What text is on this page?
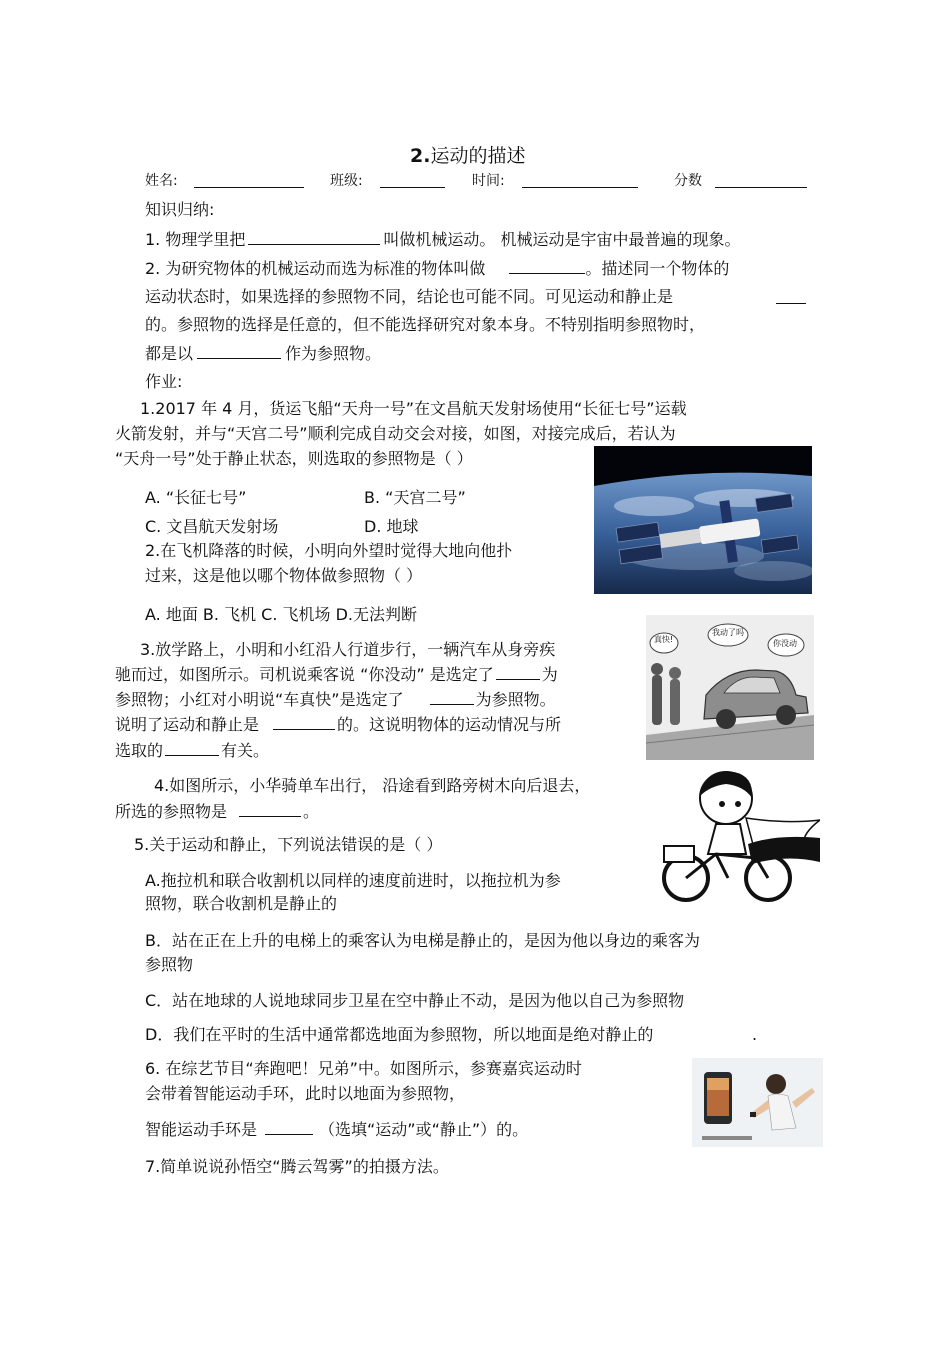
2.运动的描述
姓名:	班级:	时间:	分数
知识归纳:
1. 物理学里把	叫做机械运动。 机械运动是宇宙中最普遍的现象。
2. 为研究物体的机械运动而选为标准的物体叫做	。描述同一个物体的
运动状态时，如果选择的参照物不同，结论也可能不同。可见运动和静止是
的。参照物的选择是任意的，但不能选择研究对象本身。不特别指明参照物时，
都是以	作为参照物。
作业:
1.2017 年 4 月，货运飞船“天舟一号”在文昌航天发射场使用“长征七号”运载
火箭发射，并与“天宫二号”顺利完成自动交会对接，如图，对接完成后，若认为
“天舟一号”处于静止状态，则选取的参照物是（ ）
A. “长征七号”	B. “天宫二号”
C. 文昌航天发射场	D. 地球
2.在飞机降落的时候，小明向外望时觉得大地向他扑
过来，这是他以哪个物体做参照物（ ）
A. 地面 B. 飞机 C. 飞机场 D.无法判断
3.放学路上，小明和小红沿人行道步行，一辆汽车从身旁疾
驰而过，如图所示。司机说乘客说 “你没动” 是选定了	为
参照物；小红对小明说“车真快”是选定了	为参照物。
说明了运动和静止是	的。这说明物体的运动情况与所
选取的	有关。
真快!
我动了吗
你没动
4.如图所示，小华骑单车出行， 沿途看到路旁树木向后退去，
所选的参照物是	。
5.关于运动和静止，下列说法错误的是（ ）
A.拖拉机和联合收割机以同样的速度前进时，以拖拉机为参
照物，联合收割机是静止的
B．站在正在上升的电梯上的乘客认为电梯是静止的，是因为他以身边的乘客为
参照物
C．站在地球的人说地球同步卫星在空中静止不动，是因为他以自己为参照物
D．我们在平时的生活中通常都选地面为参照物，所以地面是绝对静止的	.
6. 在综艺节目“奔跑吧！兄弟”中。如图所示，参赛嘉宾运动时
会带着智能运动手环，此时以地面为参照物，
智能运动手环是	（选填“运动”或“静止”）的。
7.简单说说孙悟空“腾云驾雾”的拍摄方法。
